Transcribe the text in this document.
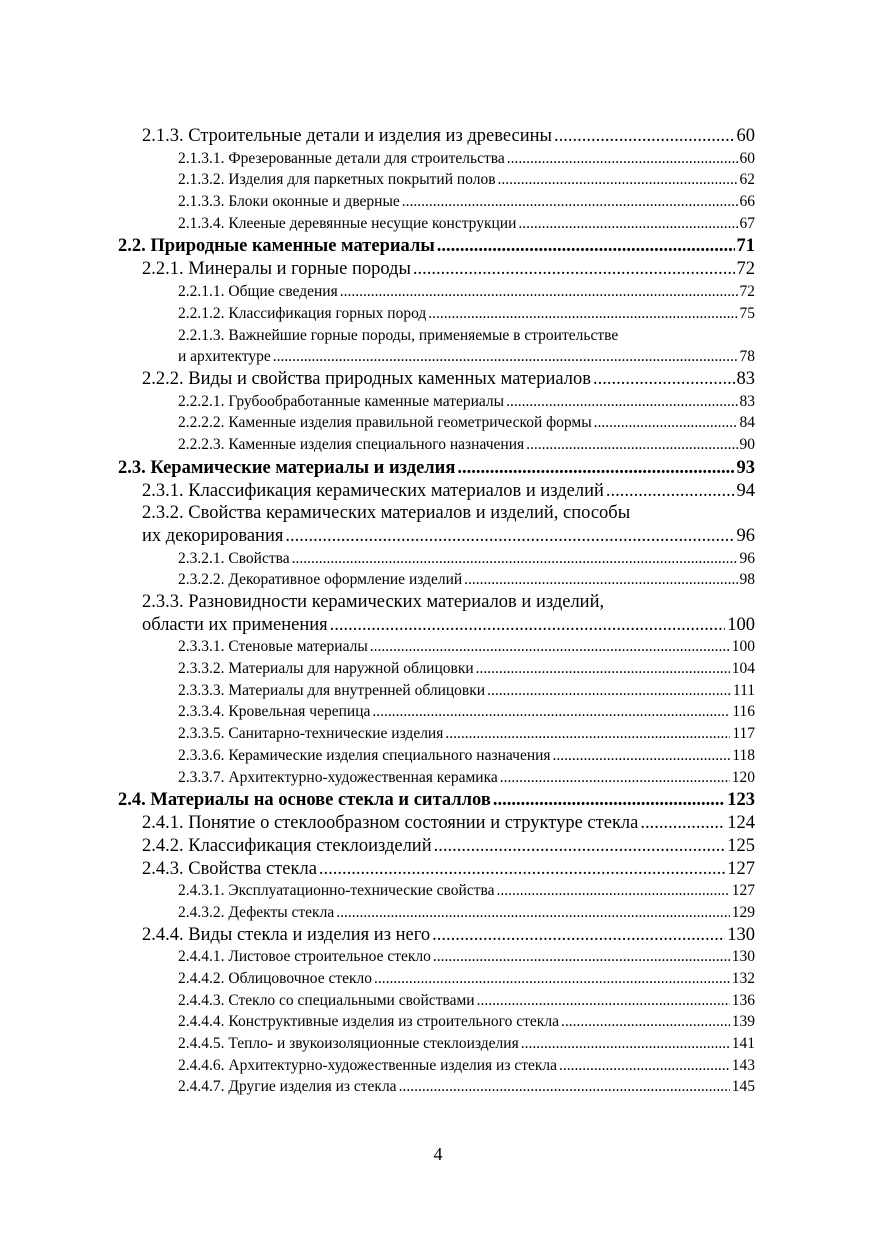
2.1.3. Строительные детали и изделия из древесины .....	60
2.1.3.1. Фрезерованные детали для строительства .....	60
2.1.3.2. Изделия для паркетных покрытий полов .....	62
2.1.3.3. Блоки оконные и дверные .....	66
2.1.3.4. Клееные деревянные несущие конструкции .....	67
2.2. Природные каменные материалы .....	71
2.2.1. Минералы и горные породы .....	72
2.2.1.1. Общие сведения .....	72
2.2.1.2. Классификация горных пород .....	75
2.2.1.3. Важнейшие горные породы, применяемые в строительстве
и архитектуре .....	78
2.2.2. Виды и свойства природных каменных материалов .....	83
2.2.2.1. Грубообработанные каменные материалы .....	83
2.2.2.2. Каменные изделия правильной геометрической формы .....	84
2.2.2.3. Каменные изделия специального назначения .....	90
2.3. Керамические материалы и изделия .....	93
2.3.1. Классификация керамических материалов и изделий .....	94
2.3.2. Свойства керамических материалов и изделий, способы
их декорирования .....	96
2.3.2.1. Свойства .....	96
2.3.2.2. Декоративное оформление изделий .....	98
2.3.3. Разновидности керамических материалов и изделий,
области их применения .....	100
2.3.3.1. Стеновые материалы .....	100
2.3.3.2. Материалы для наружной облицовки .....	104
2.3.3.3. Материалы для внутренней облицовки .....	111
2.3.3.4. Кровельная черепица .....	116
2.3.3.5. Санитарно-технические изделия .....	117
2.3.3.6. Керамические изделия специального назначения .....	118
2.3.3.7. Архитектурно-художественная керамика .....	120
2.4. Материалы на основе стекла и ситаллов .....	123
2.4.1. Понятие о стеклообразном состоянии и структуре стекла .....	124
2.4.2. Классификация стеклоизделий .....	125
2.4.3. Свойства стекла .....	127
2.4.3.1. Эксплуатационно-технические свойства .....	127
2.4.3.2. Дефекты стекла .....	129
2.4.4. Виды стекла и изделия из него .....	130
2.4.4.1. Листовое строительное стекло .....	130
2.4.4.2. Облицовочное стекло .....	132
2.4.4.3. Стекло со специальными свойствами .....	136
2.4.4.4. Конструктивные изделия из строительного стекла .....	139
2.4.4.5. Тепло- и звукоизоляционные стеклоизделия .....	141
2.4.4.6. Архитектурно-художественные изделия из стекла .....	143
2.4.4.7. Другие изделия из стекла .....	145
4
